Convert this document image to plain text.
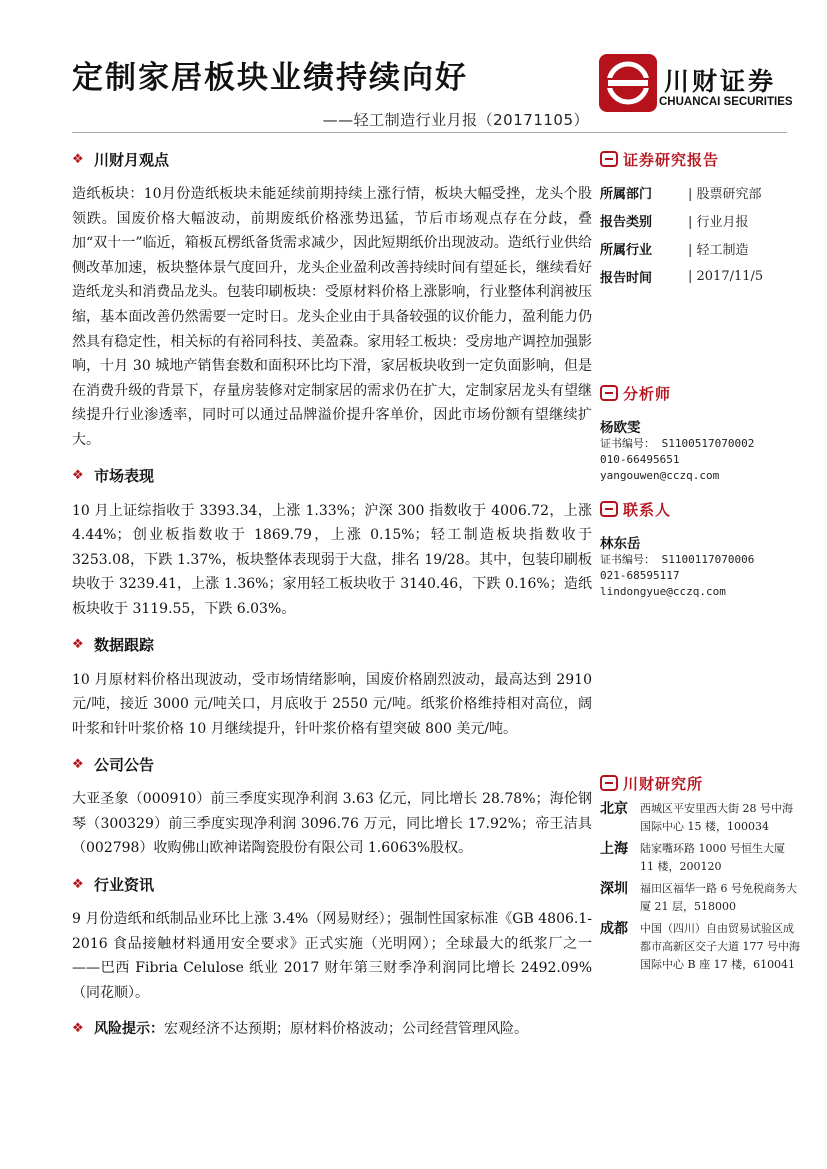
定制家居板块业绩持续向好
——轻工制造行业月报（20171105）
川财证券
CHUANCAI SECURITIES
❖ 川财月观点

造纸板块：10月份造纸板块未能延续前期持续上涨行情，板块大幅受挫，龙头个股领跌。国废价格大幅波动，前期废纸价格涨势迅猛，节后市场观点存在分歧，叠加“双十一”临近，箱板瓦楞纸备货需求减少，因此短期纸价出现波动。造纸行业供给侧改革加速，板块整体景气度回升，龙头企业盈利改善持续时间有望延长，继续看好造纸龙头和消费品龙头。包装印刷板块：受原材料价格上涨影响，行业整体利润被压缩，基本面改善仍然需要一定时日。龙头企业由于具备较强的议价能力，盈利能力仍然具有稳定性，相关标的有裕同科技、美盈森。家用轻工板块：受房地产调控加强影响，十月 30 城地产销售套数和面积环比均下滑，家居板块收到一定负面影响，但是在消费升级的背景下，存量房装修对定制家居的需求仍在扩大，定制家居龙头有望继续提升行业渗透率，同时可以通过品牌溢价提升客单价，因此市场份额有望继续扩大。

❖ 市场表现

10 月上证综指收于 3393.34，上涨 1.33%；沪深 300 指数收于 4006.72，上涨 4.44%；创业板指数收于 1869.79，上涨 0.15%；轻工制造板块指数收于 3253.08，下跌 1.37%，板块整体表现弱于大盘，排名 19/28。其中，包装印刷板块收于 3239.41，上涨 1.36%；家用轻工板块收于 3140.46，下跌 0.16%；造纸板块收于 3119.55，下跌 6.03%。

❖ 数据跟踪

10 月原材料价格出现波动，受市场情绪影响，国废价格剧烈波动，最高达到 2910 元/吨，接近 3000 元/吨关口，月底收于 2550 元/吨。纸浆价格维持相对高位，阔叶浆和针叶浆价格 10 月继续提升，针叶浆价格有望突破 800 美元/吨。

❖ 公司公告

大亚圣象（000910）前三季度实现净利润 3.63 亿元，同比增长 28.78%；海伦钢琴（300329）前三季度实现净利润 3096.76 万元，同比增长 17.92%；帝王洁具（002798）收购佛山欧神诺陶瓷股份有限公司 1.6063%股权。

❖ 行业资讯

9 月份造纸和纸制品业环比上涨 3.4%（网易财经）；强制性国家标准《GB 4806.1-2016 食品接触材料通用安全要求》正式实施（光明网）；全球最大的纸浆厂之一 ——巴西 Fibria Celulose 纸业 2017 财年第三财季净利润同比增长 2492.09%（同花顺）。

❖ 风险提示： 宏观经济不达预期；原材料价格波动；公司经营管理风险。
证券研究报告
所属部门	| 股票研究部
报告类别	| 行业月报
所属行业	| 轻工制造
报告时间	| 2017/11/5
分析师
杨欧雯
证书编号： S1100517070002
010-66495651
yangouwen@cczq.com
联系人
林东岳
证书编号： S1100117070006
021-68595117
lindongyue@cczq.com
川财研究所
北京	西城区平安里西大街 28 号中海国际中心 15 楼，100034
上海	陆家嘴环路 1000 号恒生大厦 11 楼，200120
深圳	福田区福华一路 6 号免税商务大厦 21 层，518000
成都	中国（四川）自由贸易试验区成都市高新区交子大道 177 号中海国际中心 B 座 17 楼，610041
